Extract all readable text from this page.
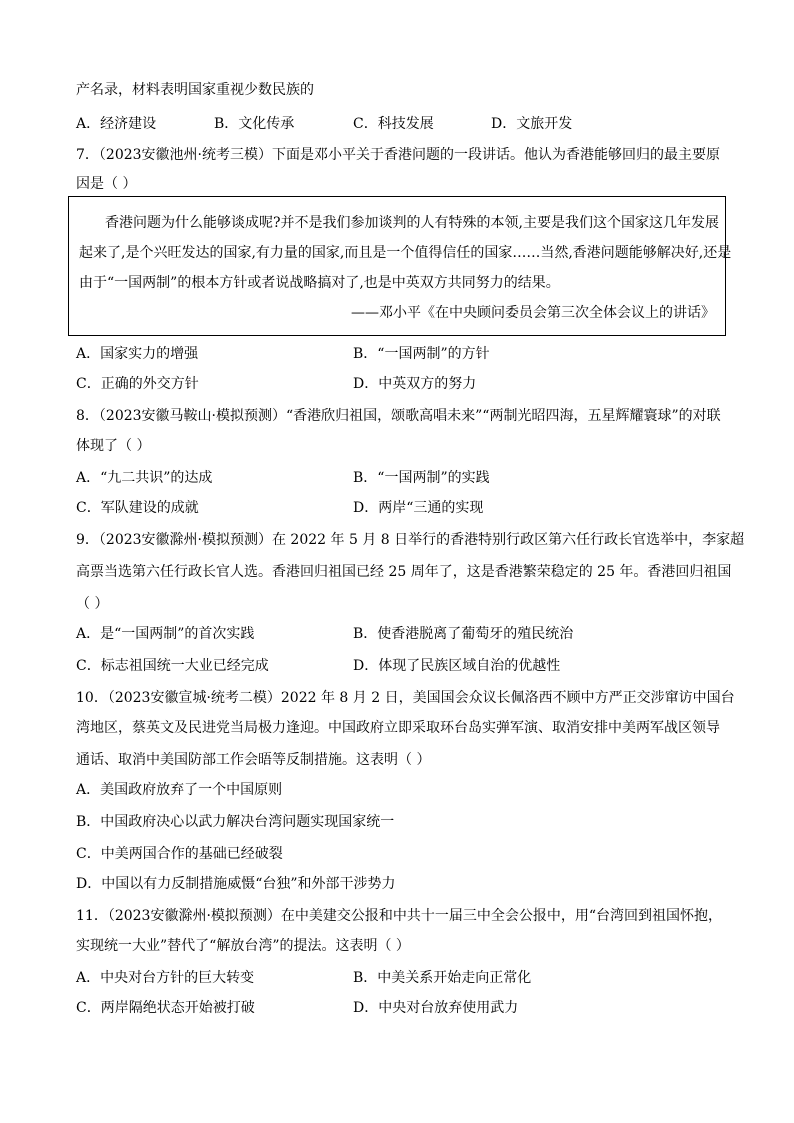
产名录，材料表明国家重视少数民族的
A．经济建设	B．文化传承	C．科技发展	D．文旅开发
7．（2023安徽池州·统考三模）下面是邓小平关于香港问题的一段讲话。他认为香港能够回归的最主要原
因是（ ）
香港问题为什么能够谈成呢?并不是我们参加谈判的人有特殊的本领,主要是我们这个国家这几年发展
起来了,是个兴旺发达的国家,有力量的国家,而且是一个值得信任的国家……当然,香港问题能够解决好,还是
由于“一国两制”的根本方针或者说战略搞对了,也是中英双方共同努力的结果。
——邓小平《在中央顾问委员会第三次全体会议上的讲话》
A．国家实力的增强	B．“一国两制”的方针
C．正确的外交方针	D．中英双方的努力
8．（2023安徽马鞍山·模拟预测）“香港欣归祖国，颂歌高唱未来”“两制光昭四海，五星辉耀寰球”的对联
体现了（ ）
A．“九二共识”的达成	B．“一国两制”的实践
C．军队建设的成就	D．两岸“三通的实现
9．（2023安徽滁州·模拟预测）在 2022 年 5 月 8 日举行的香港特别行政区第六任行政长官选举中，李家超
高票当选第六任行政长官人选。香港回归祖国已经 25 周年了，这是香港繁荣稳定的 25 年。香港回归祖国
（ ）
A．是“一国两制”的首次实践	B．使香港脱离了葡萄牙的殖民统治
C．标志祖国统一大业已经完成	D．体现了民族区域自治的优越性
10．（2023安徽宣城·统考二模）2022 年 8 月 2 日，美国国会众议长佩洛西不顾中方严正交涉窜访中国台
湾地区，蔡英文及民进党当局极力逢迎。中国政府立即采取环台岛实弹军演、取消安排中美两军战区领导
通话、取消中美国防部工作会晤等反制措施。这表明（ ）
A．美国政府放弃了一个中国原则
B．中国政府决心以武力解决台湾问题实现国家统一
C．中美两国合作的基础已经破裂
D．中国以有力反制措施威慑“台独”和外部干涉势力
11．（2023安徽滁州·模拟预测）在中美建交公报和中共十一届三中全会公报中，用“台湾回到祖国怀抱，
实现统一大业”替代了“解放台湾”的提法。这表明（ ）
A．中央对台方针的巨大转变	B．中美关系开始走向正常化
C．两岸隔绝状态开始被打破	D．中央对台放弃使用武力
